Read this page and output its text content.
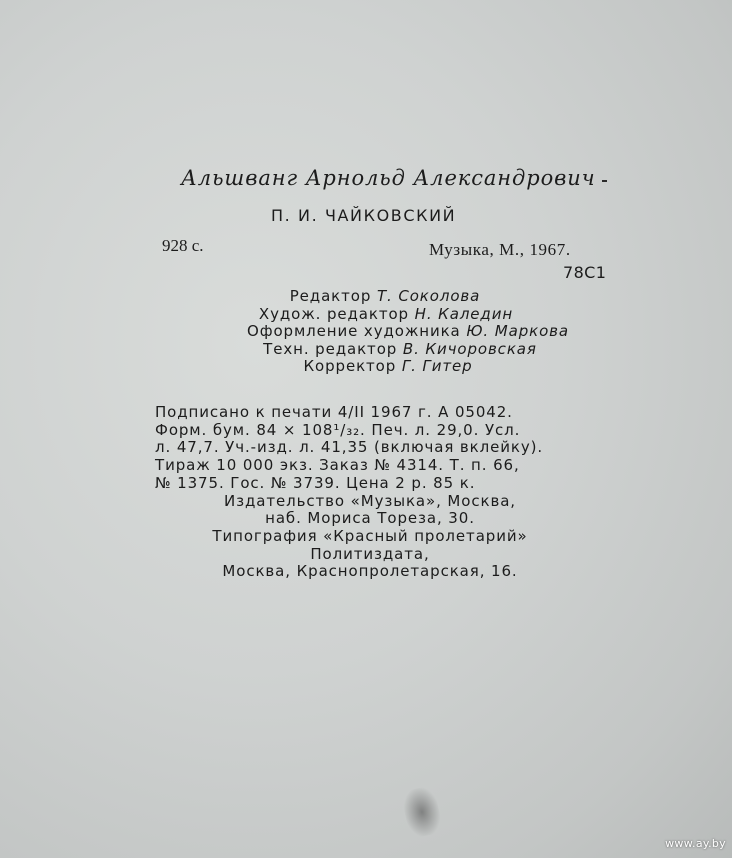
Альшванг Арнольд Александрович
П. И. ЧАЙКОВСКИЙ
928 с.	Музыка, М., 1967.
78С1
Редактор Т. Соколова
Худож. редактор Н. Каледин
Оформление художника Ю. Маркова
Техн. редактор В. Кичоровская
Корректор Г. Гитер
Подписано к печати 4/II 1967 г. А 05042.
Форм. бум. 84 × 108¹/₃₂. Печ. л. 29,0. Усл.
л. 47,7. Уч.-изд. л. 41,35 (включая вклейку).
Тираж 10 000 экз. Заказ № 4314. Т. п. 66,
№ 1375. Гос. № 3739. Цена 2 р. 85 к.
Издательство «Музыка», Москва,
наб. Мориса Тореза, 30.
Типография «Красный пролетарий»
Политиздата,
Москва, Краснопролетарская, 16.
www.ay.by
